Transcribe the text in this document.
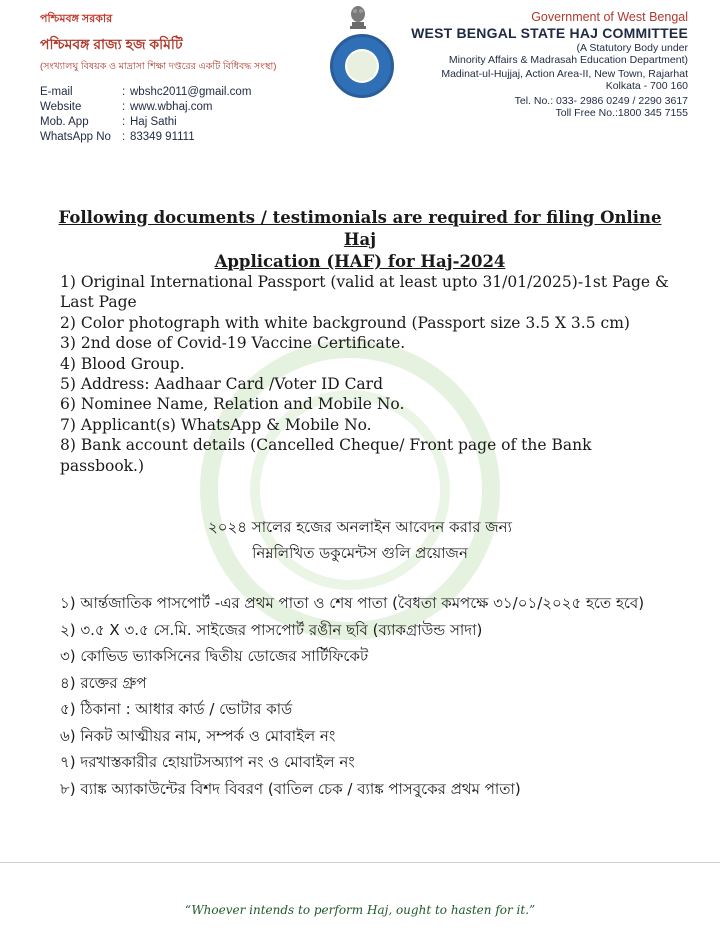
পশ্চিমবঙ্গ সরকার
পশ্চিমবঙ্গ রাজ্য হজ কমিটি
(সংখ্যালঘু বিষয়ক ও মাদ্রাসা শিক্ষা দপ্তরের একটি বিধিবদ্ধ সংস্থা)
E-mail	: wbshc2011@gmail.com
Website	: www.wbhaj.com
Mob. App	: Haj Sathi
WhatsApp No : 83349 91111
Government of West Bengal
WEST BENGAL STATE HAJ COMMITTEE
(A Statutory Body under
Minority Affairs & Madrasah Education Department)
Madinat-ul-Hujjaj, Action Area-II, New Town, Rajarhat
Kolkata - 700 160
Tel. No.: 033- 2986 0249 / 2290 3617
Toll Free No.:1800 345 7155
Following documents / testimonials are required for filing Online Haj
Application (HAF) for Haj-2024
1) Original International Passport (valid at least upto 31/01/2025)-1st Page & Last Page
2) Color photograph with white background (Passport size 3.5 X 3.5 cm)
3) 2nd dose of Covid-19 Vaccine Certificate.
4) Blood Group.
5) Address: Aadhaar Card /Voter ID Card
6) Nominee Name, Relation and Mobile No.
7) Applicant(s) WhatsApp & Mobile No.
8) Bank account details (Cancelled Cheque/ Front page of the Bank passbook.)
২০২৪ সালের হজের অনলাইন আবেদন করার জন্য
নিম্নলিখিত ডকুমেন্টস গুলি প্রয়োজন
১) আর্ন্তজাতিক পাসপোর্ট -এর প্রথম পাতা ও শেষ পাতা (বৈধতা কমপক্ষে ৩১/০১/২০২৫ হতে হবে)
২) ৩.৫ X ৩.৫ সে.মি. সাইজের পাসপোর্ট রঙীন ছবি (ব্যাকগ্রাউন্ড সাদা)
৩) কোভিড ভ্যাকসিনের দ্বিতীয় ডোজের সার্টিফিকেট
৪) রক্তের গ্রুপ
৫) ঠিকানা : আধার কার্ড / ভোটার কার্ড
৬) নিকট আত্মীয়র নাম, সম্পর্ক ও মোবাইল নং
৭) দরখাস্তকারীর হোয়াটসঅ্যাপ নং ও মোবাইল নং
৮) ব্যাঙ্ক অ্যাকাউন্টের বিশদ বিবরণ (বাতিল চেক / ব্যাঙ্ক পাসবুকের প্রথম পাতা)
“Whoever intends to perform Haj, ought to hasten for it.”
